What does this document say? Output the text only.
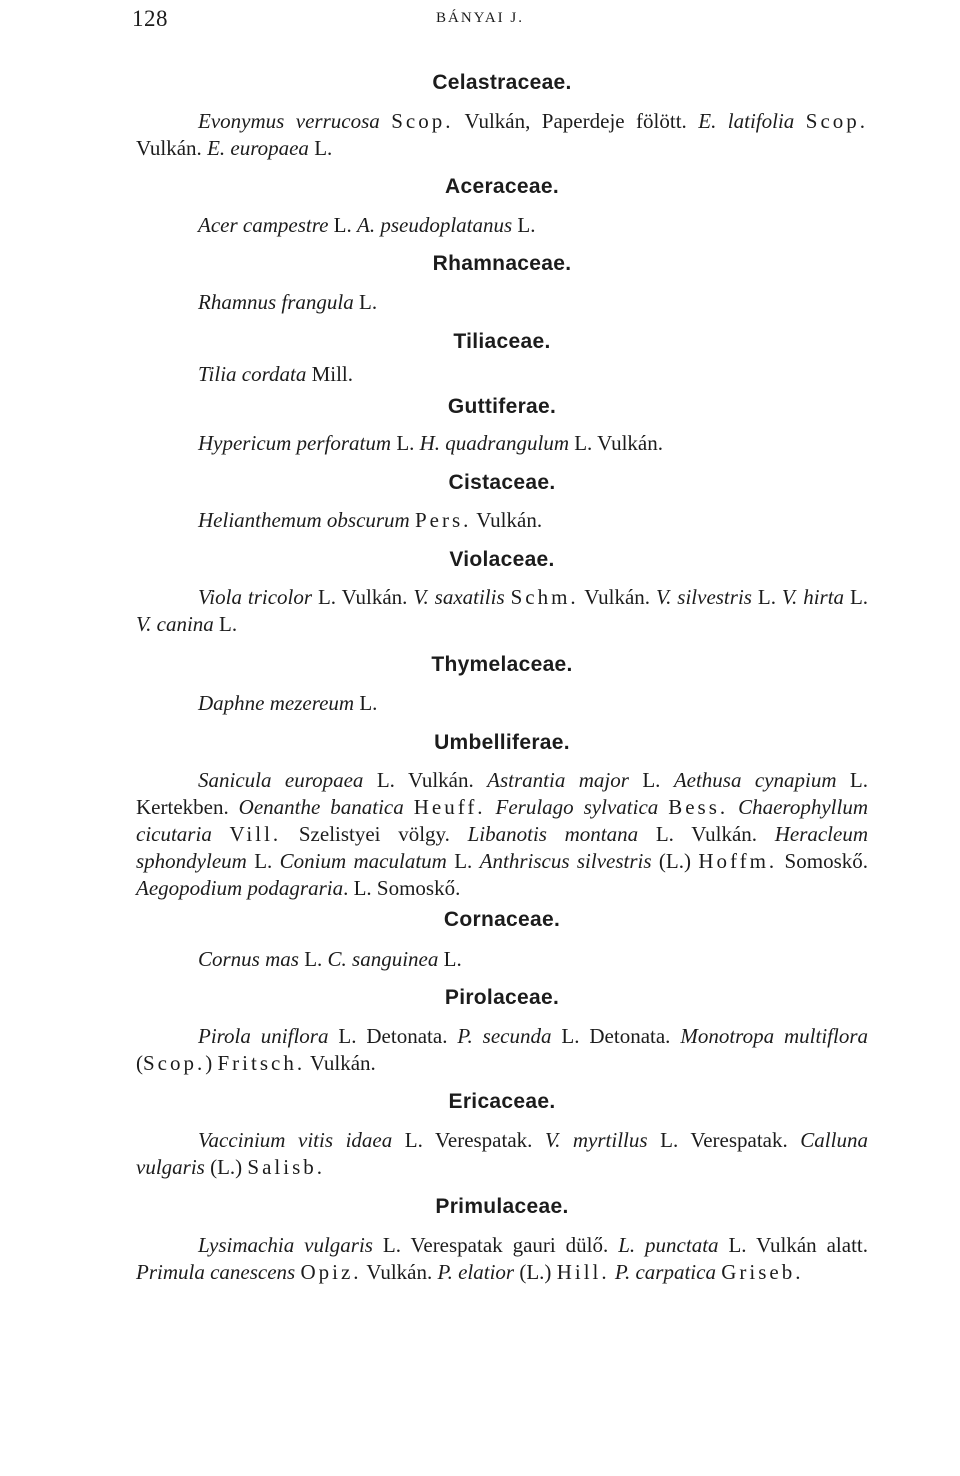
128	BÁNYAI J.
Celastraceae.

Evonymus verrucosa Scop. Vulkán, Paperdeje fölött. E. latifolia Scop. Vulkán. E. europaea L.

Aceraceae.

Acer campestre L. A. pseudoplatanus L.

Rhamnaceae.

Rhamnus frangula L.

Tiliaceae.

Tilia cordata Mill.

Guttiferae.

Hypericum perforatum L. H. quadrangulum L. Vulkán.

Cistaceae.

Helianthemum obscurum Pers. Vulkán.

Violaceae.

Viola tricolor L. Vulkán. V. saxatilis Schm. Vulkán. V. silvestris L. V. hirta L. V. canina L.

Thymelaceae.

Daphne mezereum L.

Umbelliferae.

Sanicula europaea L. Vulkán. Astrantia major L. Aethusa cynapium L. Kertekben. Oenanthe banatica Heuff. Ferulago sylvatica Bess. Chaerophyllum cicutaria Vill. Szelistyei völgy. Libanotis montana L. Vulkán. Heracleum sphondyleum L. Conium maculatum L. Anthriscus silvestris (L.) Hoffm. Somoskő. Aegopodium podagraria. L. Somoskő.

Cornaceae.

Cornus mas L. C. sanguinea L.

Pirolaceae.

Pirola uniflora L. Detonata. P. secunda L. Detonata. Monotropa multiflora (Scop.) Fritsch. Vulkán.

Ericaceae.

Vaccinium vitis idaea L. Verespatak. V. myrtillus L. Verespatak. Calluna vulgaris (L.) Salisb.

Primulaceae.

Lysimachia vulgaris L. Verespatak gauri dülő. L. punctata L. Vulkán alatt. Primula canescens Opiz. Vulkán. P. elatior (L.) Hill. P. carpatica Griseb.
